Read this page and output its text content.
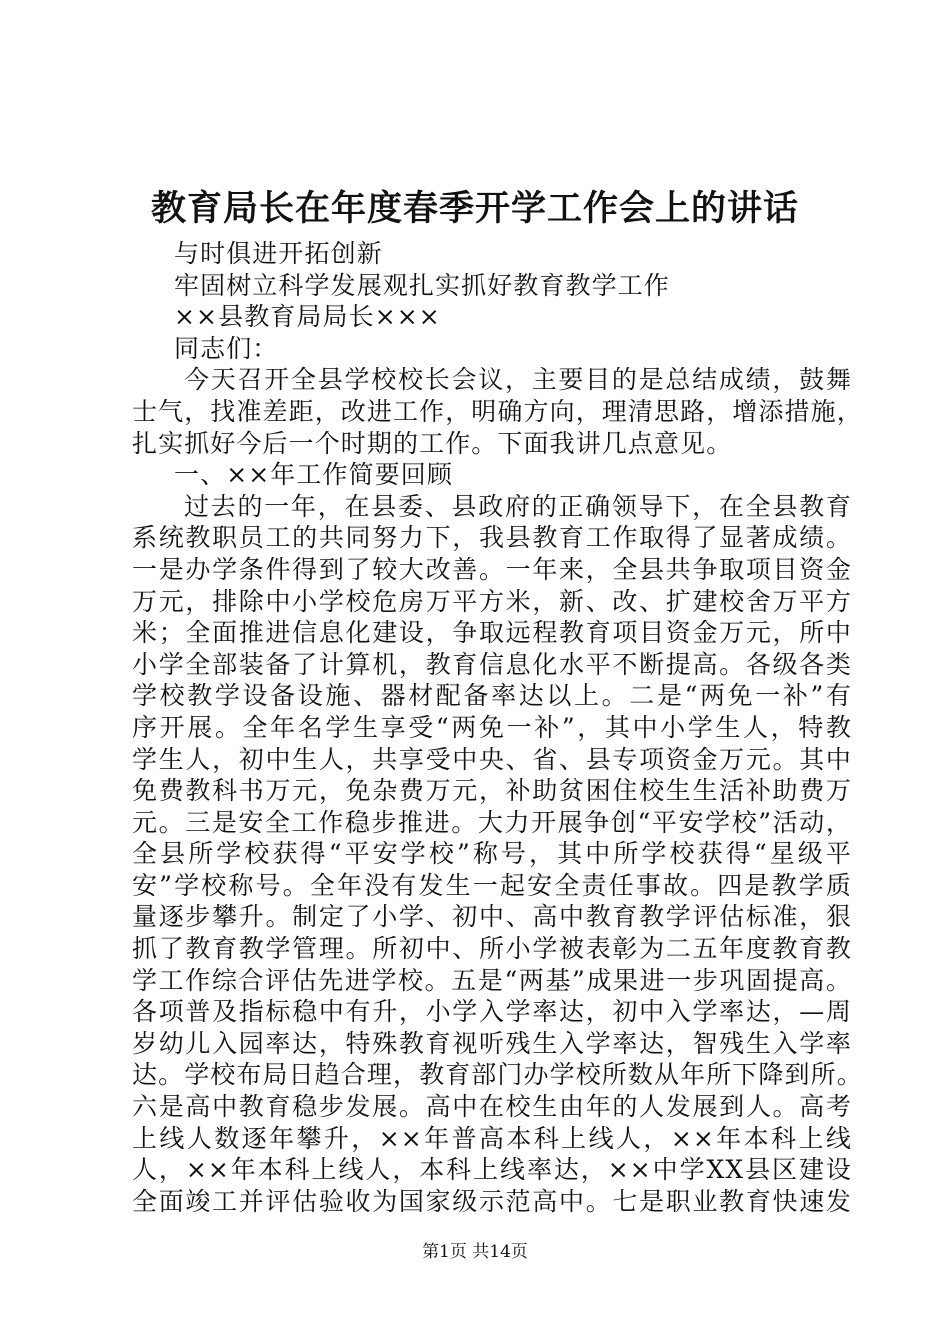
教育局长在年度春季开学工作会上的讲话
与时俱进开拓创新
牢固树立科学发展观扎实抓好教育教学工作
××县教育局局长×××
同志们：
今天召开全县学校校长会议，主要目的是总结成绩，鼓舞
士气，找准差距，改进工作，明确方向，理清思路，增添措施，
扎实抓好今后一个时期的工作。下面我讲几点意见。
一、××年工作简要回顾
过去的一年，在县委、县政府的正确领导下，在全县教育
系统教职员工的共同努力下，我县教育工作取得了显著成绩。
一是办学条件得到了较大改善。一年来，全县共争取项目资金
万元，排除中小学校危房万平方米，新、改、扩建校舍万平方
米；全面推进信息化建设，争取远程教育项目资金万元，所中
小学全部装备了计算机，教育信息化水平不断提高。各级各类
学校教学设备设施、器材配备率达以上。二是“两免一补”有
序开展。全年名学生享受“两免一补”，其中小学生人，特教
学生人，初中生人，共享受中央、省、县专项资金万元。其中
免费教科书万元，免杂费万元，补助贫困住校生生活补助费万
元。三是安全工作稳步推进。大力开展争创“平安学校”活动，
全县所学校获得“平安学校”称号，其中所学校获得“星级平
安”学校称号。全年没有发生一起安全责任事故。四是教学质
量逐步攀升。制定了小学、初中、高中教育教学评估标准，狠
抓了教育教学管理。所初中、所小学被表彰为二五年度教育教
学工作综合评估先进学校。五是“两基”成果进一步巩固提高。
各项普及指标稳中有升，小学入学率达，初中入学率达，—周
岁幼儿入园率达，特殊教育视听残生入学率达，智残生入学率
达。学校布局日趋合理，教育部门办学校所数从年所下降到所。
六是高中教育稳步发展。高中在校生由年的人发展到人。高考
上线人数逐年攀升，××年普高本科上线人，××年本科上线
人，××年本科上线人，本科上线率达，××中学XX县区建设
全面竣工并评估验收为国家级示范高中。七是职业教育快速发
第1页 共14页
